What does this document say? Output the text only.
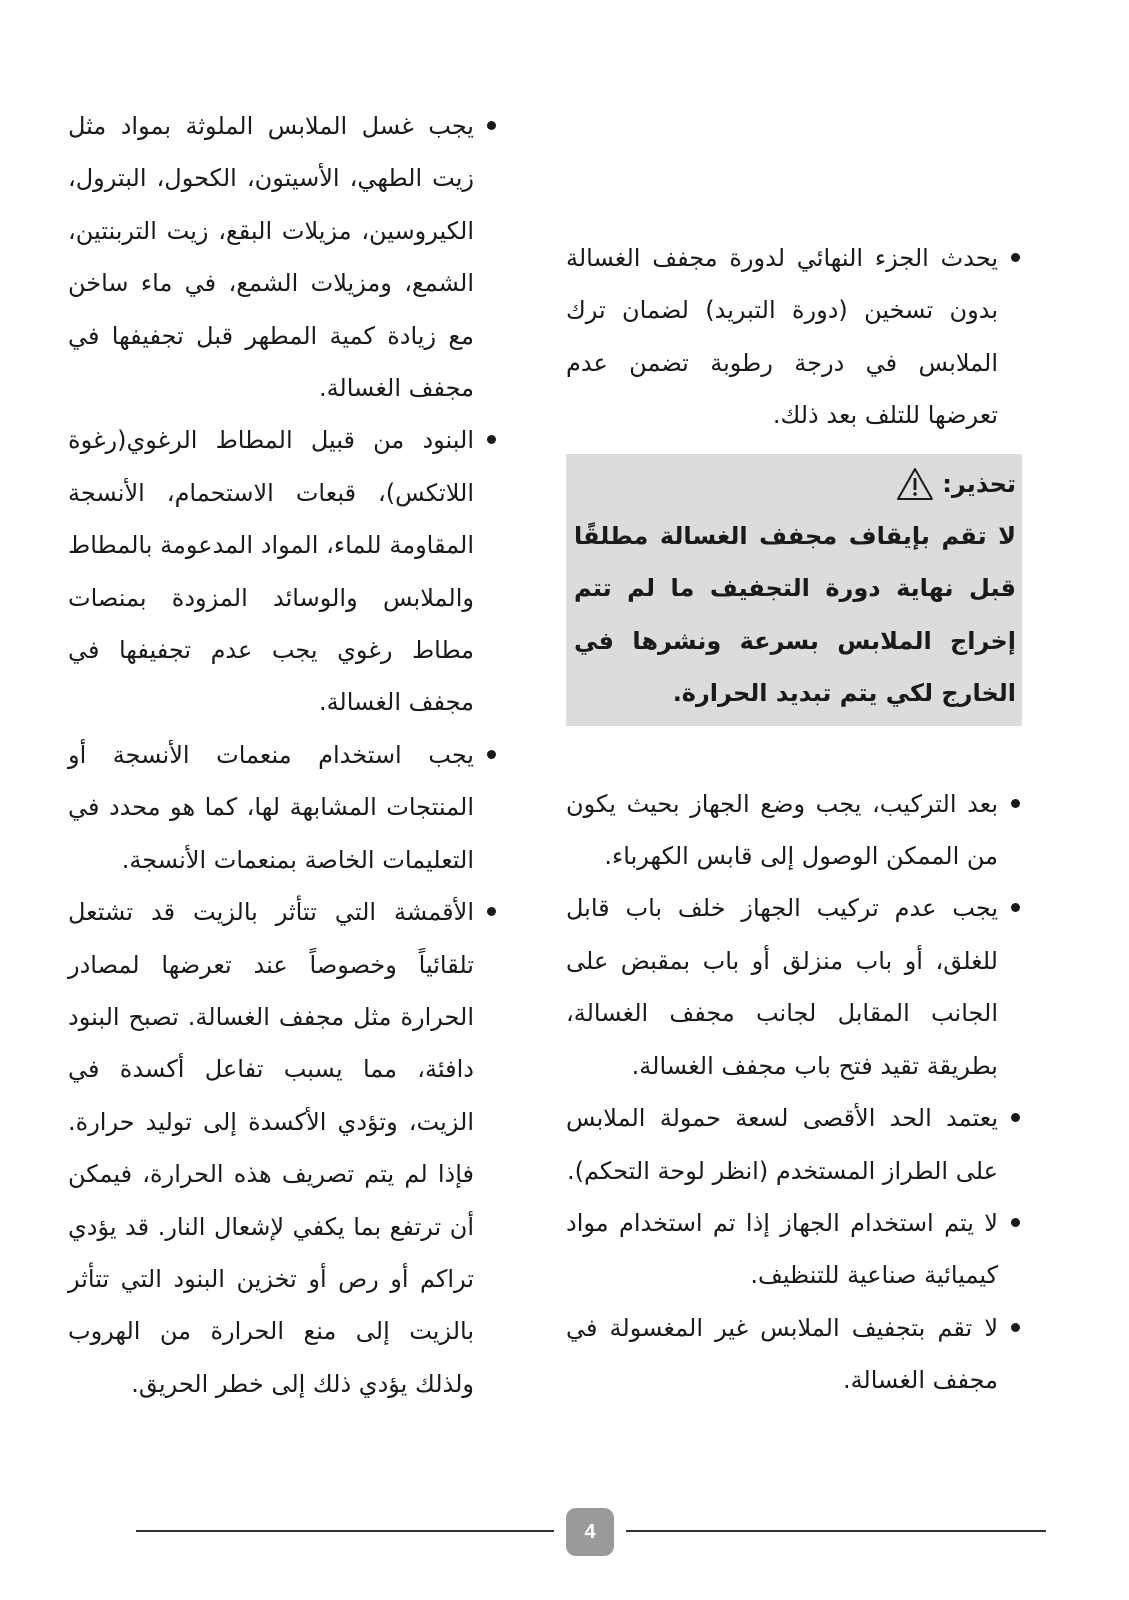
يحدث الجزء النهائي لدورة مجفف الغسالة بدون تسخين (دورة التبريد) لضمان ترك الملابس في درجة رطوبة تضمن عدم تعرضها للتلف بعد ذلك.
تحذير:
لا تقم بإيقاف مجفف الغسالة مطلقًا قبل نهاية دورة التجفيف ما لم تتم إخراج الملابس بسرعة ونشرها في الخارج لكي يتم تبديد الحرارة.
بعد التركيب، يجب وضع الجهاز بحيث يكون من الممكن الوصول إلى قابس الكهرباء.
يجب عدم تركيب الجهاز خلف باب قابل للغلق، أو باب منزلق أو باب بمقبض على الجانب المقابل لجانب مجفف الغسالة، بطريقة تقيد فتح باب مجفف الغسالة.
يعتمد الحد الأقصى لسعة حمولة الملابس على الطراز المستخدم (انظر لوحة التحكم).
لا يتم استخدام الجهاز إذا تم استخدام مواد كيميائية صناعية للتنظيف.
لا تقم بتجفيف الملابس غير المغسولة في مجفف الغسالة.
يجب غسل الملابس الملوثة بمواد مثل زيت الطهي، الأسيتون، الكحول، البترول، الكيروسين، مزيلات البقع، زيت التربنتين، الشمع، ومزيلات الشمع، في ماء ساخن مع زيادة كمية المطهر قبل تجفيفها في مجفف الغسالة.
البنود من قبيل المطاط الرغوي(رغوة اللاتكس)، قبعات الاستحمام، الأنسجة المقاومة للماء، المواد المدعومة بالمطاط والملابس والوسائد المزودة بمنصات مطاط رغوي يجب عدم تجفيفها في مجفف الغسالة.
يجب استخدام منعمات الأنسجة أو المنتجات المشابهة لها، كما هو محدد في التعليمات الخاصة بمنعمات الأنسجة.
الأقمشة التي تتأثر بالزيت قد تشتعل تلقائياً وخصوصاً عند تعرضها لمصادر الحرارة مثل مجفف الغسالة. تصبح البنود دافئة، مما يسبب تفاعل أكسدة في الزيت، وتؤدي الأكسدة إلى توليد حرارة. فإذا لم يتم تصريف هذه الحرارة، فيمكن أن ترتفع بما يكفي لإشعال النار. قد يؤدي تراكم أو رص أو تخزين البنود التي تتأثر بالزيت إلى منع الحرارة من الهروب ولذلك يؤدي ذلك إلى خطر الحريق.
4
